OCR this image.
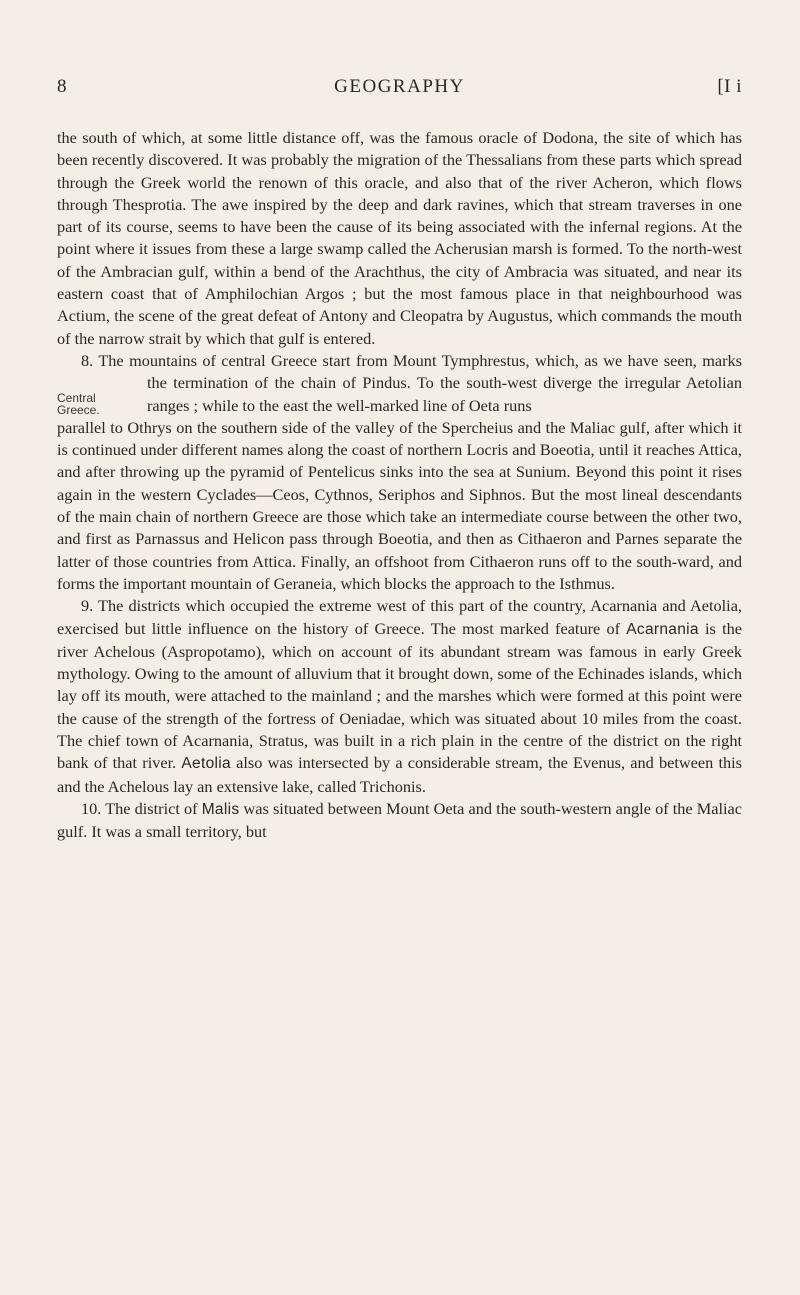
8	GEOGRAPHY	[I i

the south of which, at some little distance off, was the famous oracle of Dodona, the site of which has been recently discovered. It was probably the migration of the Thessalians from these parts which spread through the Greek world the renown of this oracle, and also that of the river Acheron, which flows through Thesprotia. The awe inspired by the deep and dark ravines, which that stream traverses in one part of its course, seems to have been the cause of its being associated with the infernal regions. At the point where it issues from these a large swamp called the Acherusian marsh is formed. To the north-west of the Ambracian gulf, within a bend of the Arachthus, the city of Ambracia was situated, and near its eastern coast that of Amphilochian Argos ; but the most famous place in that neighbourhood was Actium, the scene of the great defeat of Antony and Cleopatra by Augustus, which commands the mouth of the narrow strait by which that gulf is entered.

Central
Greece.

8. The mountains of central Greece start from Mount Tymphrestus, which, as we have seen, marks the termination of the chain of Pindus. To the south-west diverge the irregular Aetolian ranges ; while to the east the well-marked line of Oeta runs

parallel to Othrys on the southern side of the valley of the Spercheius and the Maliac gulf, after which it is continued under different names along the coast of northern Locris and Boeotia, until it reaches Attica, and after throwing up the pyramid of Pentelicus sinks into the sea at Sunium. Beyond this point it rises again in the western Cyclades—Ceos, Cythnos, Seriphos and Siphnos. But the most lineal descendants of the main chain of northern Greece are those which take an intermediate course between the other two, and first as Parnassus and Helicon pass through Boeotia, and then as Cithaeron and Parnes separate the latter of those countries from Attica. Finally, an offshoot from Cithaeron runs off to the south-ward, and forms the important mountain of Geraneia, which blocks the approach to the Isthmus.

9. The districts which occupied the extreme west of this part of the country, Acarnania and Aetolia, exercised but little influence on the history of Greece. The most marked feature of Acarnania is the river Achelous (Aspropotamo), which on account of its abundant stream was famous in early Greek mythology. Owing to the amount of alluvium that it brought down, some of the Echinades islands, which lay off its mouth, were attached to the mainland ; and the marshes which were formed at this point were the cause of the strength of the fortress of Oeniadae, which was situated about 10 miles from the coast. The chief town of Acarnania, Stratus, was built in a rich plain in the centre of the district on the right bank of that river. Aetolia also was intersected by a considerable stream, the Evenus, and between this and the Achelous lay an extensive lake, called Trichonis.

10. The district of Malis was situated between Mount Oeta and the south-western angle of the Maliac gulf. It was a small territory, but
